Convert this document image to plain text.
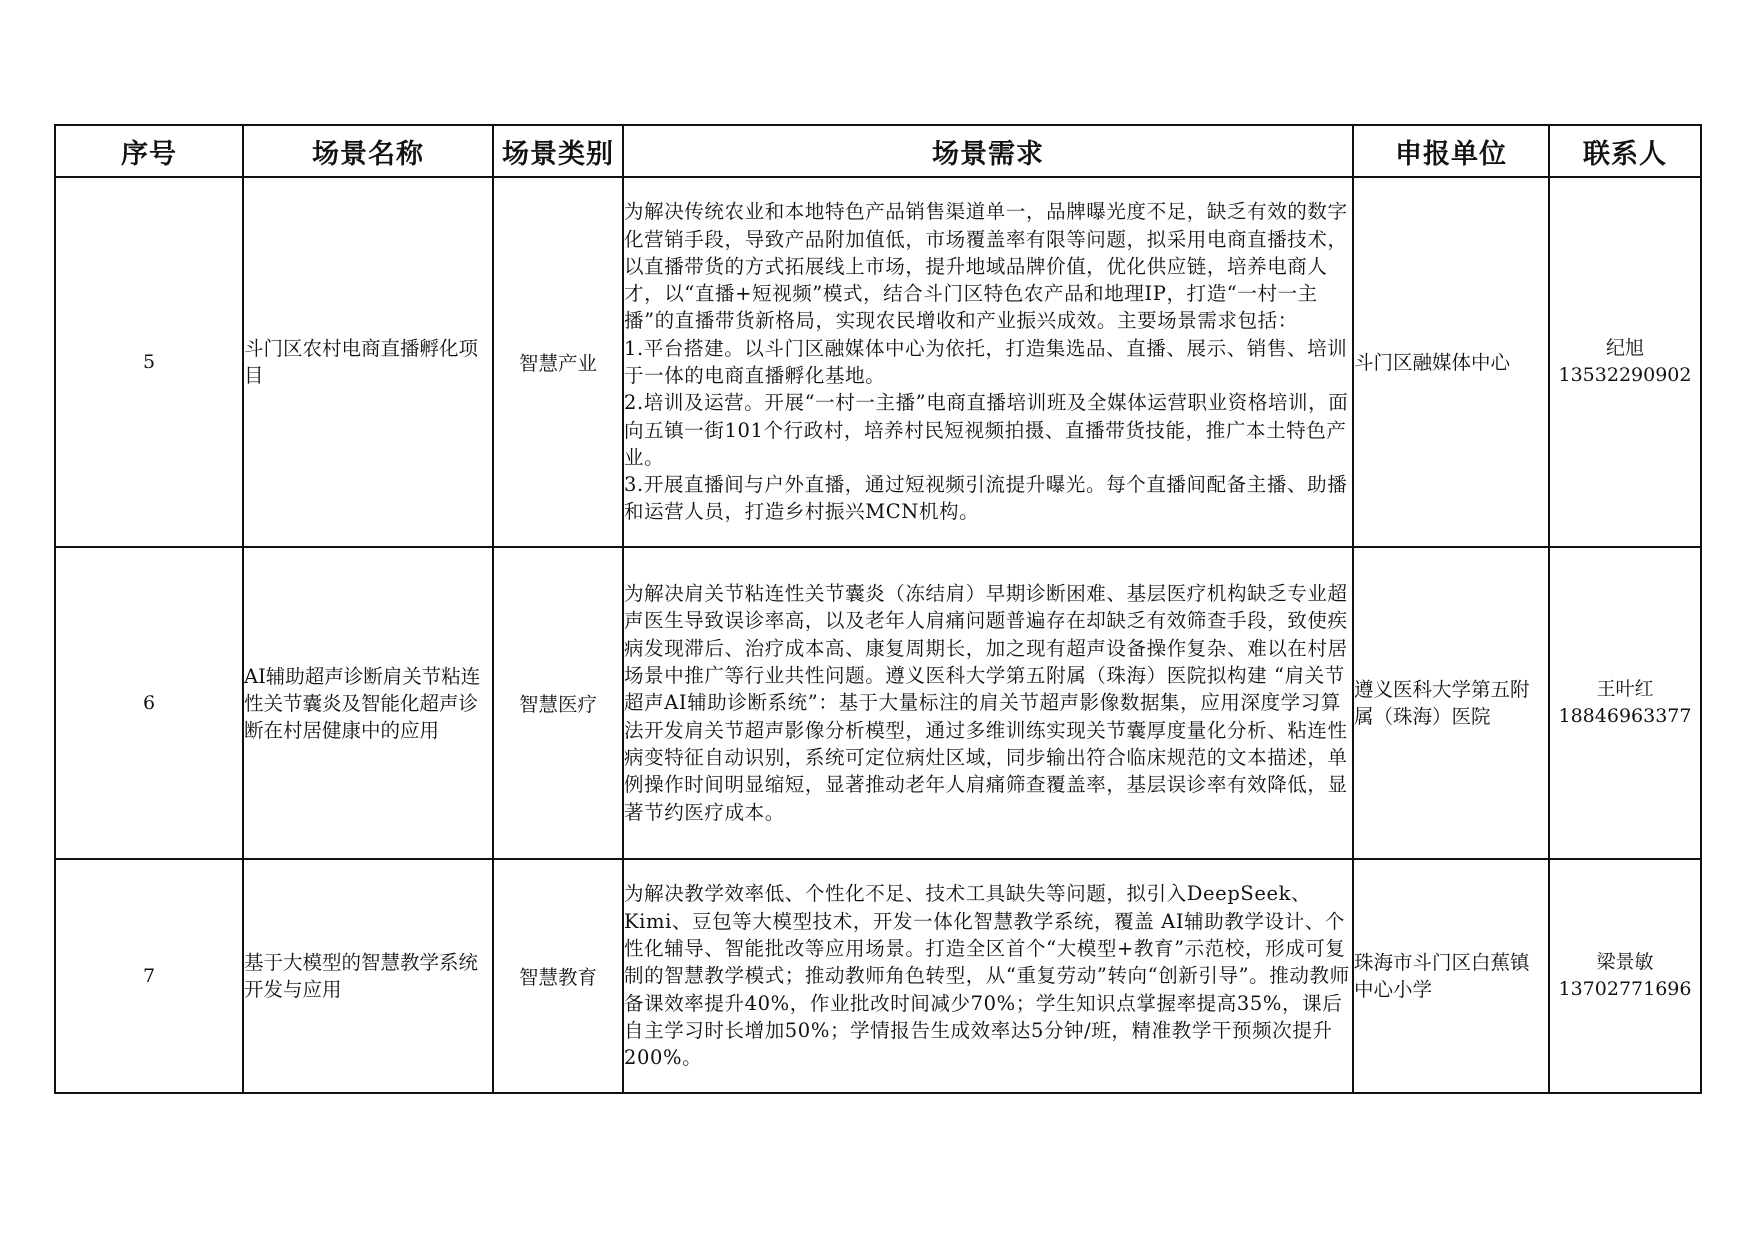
序号	场景名称	场景类别	场景需求	申报单位	联系人
5	斗门区农村电商直播孵化项目	智慧产业	为解决传统农业和本地特色产品销售渠道单一，品牌曝光度不足，缺乏有效的数字化营销手段，导致产品附加值低，市场覆盖率有限等问题，拟采用电商直播技术，以直播带货的方式拓展线上市场，提升地域品牌价值，优化供应链，培养电商人才，以“直播+短视频”模式，结合斗门区特色农产品和地理IP，打造“一村一主播”的直播带货新格局，实现农民增收和产业振兴成效。主要场景需求包括：
1.平台搭建。以斗门区融媒体中心为依托，打造集选品、直播、展示、销售、培训于一体的电商直播孵化基地。
2.培训及运营。开展“一村一主播”电商直播培训班及全媒体运营职业资格培训，面向五镇一街101个行政村，培养村民短视频拍摄、直播带货技能，推广本土特色产业。
3.开展直播间与户外直播，通过短视频引流提升曝光。每个直播间配备主播、助播和运营人员，打造乡村振兴MCN机构。	斗门区融媒体中心	纪旭
13532290902

6	AI辅助超声诊断肩关节粘连性关节囊炎及智能化超声诊断在村居健康中的应用	智慧医疗	为解决肩关节粘连性关节囊炎（冻结肩）早期诊断困难、基层医疗机构缺乏专业超声医生导致误诊率高，以及老年人肩痛问题普遍存在却缺乏有效筛查手段，致使疾病发现滞后、治疗成本高、康复周期长，加之现有超声设备操作复杂、难以在村居场景中推广等行业共性问题。遵义医科大学第五附属（珠海）医院拟构建 “肩关节超声AI辅助诊断系统”：基于大量标注的肩关节超声影像数据集，应用深度学习算法开发肩关节超声影像分析模型，通过多维训练实现关节囊厚度量化分析、粘连性病变特征自动识别，系统可定位病灶区域，同步输出符合临床规范的文本描述，单例操作时间明显缩短，显著推动老年人肩痛筛查覆盖率，基层误诊率有效降低，显著节约医疗成本。	遵义医科大学第五附属（珠海）医院	王叶红
18846963377

7	基于大模型的智慧教学系统开发与应用	智慧教育	为解决教学效率低、个性化不足、技术工具缺失等问题，拟引入DeepSeek、Kimi、豆包等大模型技术，开发一体化智慧教学系统，覆盖 AI辅助教学设计、个性化辅导、智能批改等应用场景。打造全区首个“大模型+教育”示范校，形成可复制的智慧教学模式；推动教师角色转型，从“重复劳动”转向“创新引导”。推动教师备课效率提升40%，作业批改时间减少70%；学生知识点掌握率提高35%，课后自主学习时长增加50%；学情报告生成效率达5分钟/班，精准教学干预频次提升200%。	珠海市斗门区白蕉镇中心小学	梁景敏
13702771696
